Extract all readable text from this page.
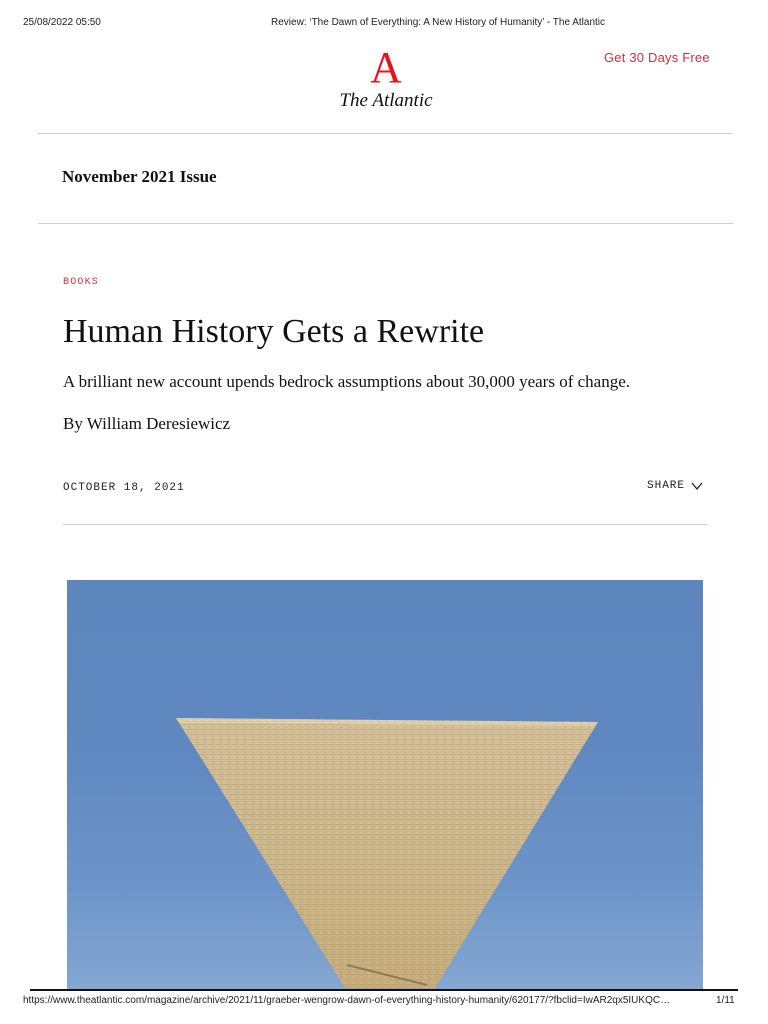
25/08/2022 05:50	Review: ‘The Dawn of Everything: A New History of Humanity’ - The Atlantic
A
The Atlantic
Get 30 Days Free
November 2021 Issue
BOOKS
Human History Gets a Rewrite
A brilliant new account upends bedrock assumptions about 30,000 years of change.
By William Deresiewicz
OCTOBER 18, 2021	SHARE
https://www.theatlantic.com/magazine/archive/2021/11/graeber-wengrow-dawn-of-everything-history-humanity/620177/?fbclid=IwAR2qx5IUKQC…	1/11
